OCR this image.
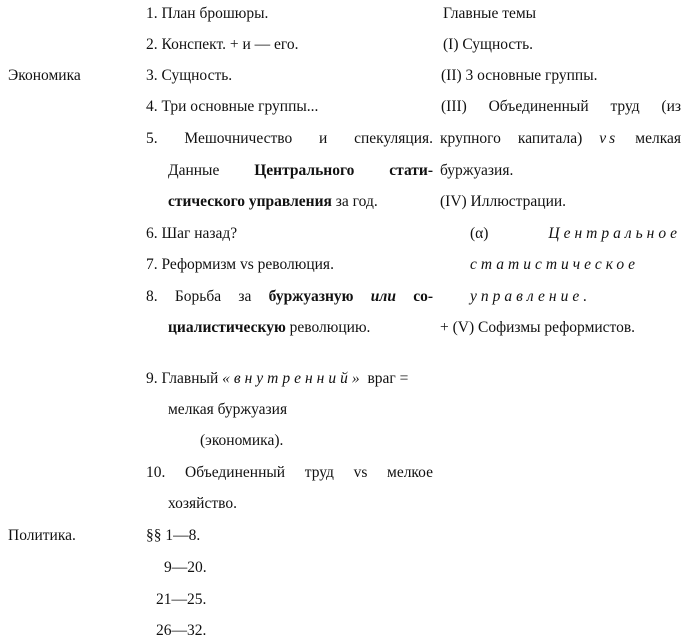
Экономика
Политика.
1. План брошюры.
2. Конспект. + и — его.
3. Сущность.
4. Три основные группы...
5. Мешочничество и спекуляция.
Данные Центрального стати-
стического управления за год.
6. Шаг назад?
7. Реформизм vs революция.
8. Борьба за буржуазную или со-
циалистическую революцию.
9. Главный «внутренний» враг =
мелкая буржуазия
(экономика).
10. Объединенный труд vs мелкое
хозяйство.
§§ 1—8.
9—20.
21—25.
26—32.
Главные темы
(I) Сущность.
(II) 3 основные группы.
(III) Объединенный труд (из
крупного капитала) vs мелкая
буржуазия.
(IV) Иллюстрации.
(α)	Центральное
статистическое
управление.
+ (V) Софизмы реформистов.
